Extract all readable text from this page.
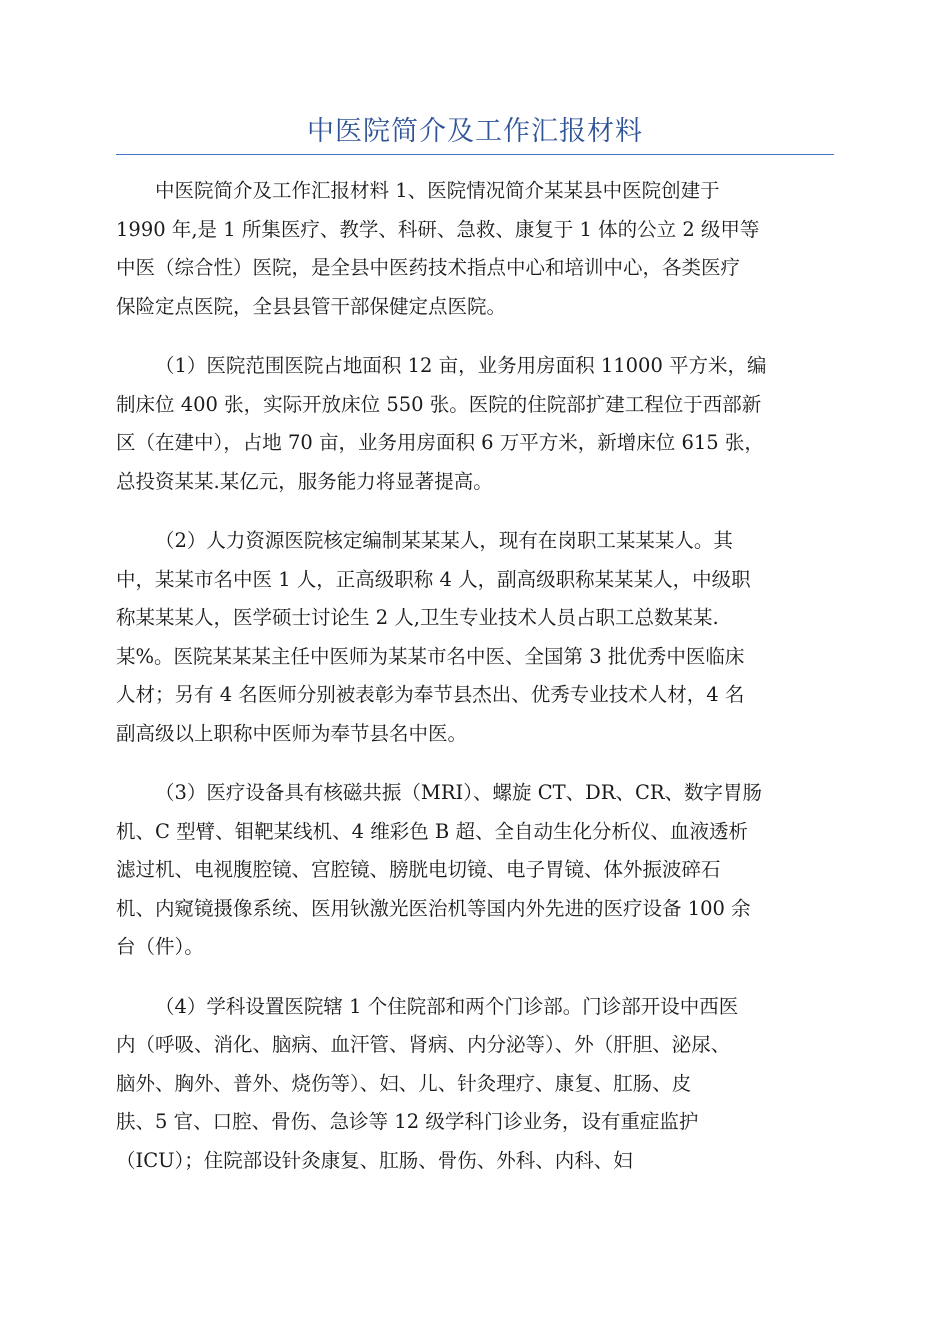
中医院简介及工作汇报材料

中医院简介及工作汇报材料 1、医院情况简介某某县中医院创建于
1990 年,是 1 所集医疗、教学、科研、急救、康复于 1 体的公立 2 级甲等
中医（综合性）医院，是全县中医药技术指点中心和培训中心，各类医疗
保险定点医院，全县县管干部保健定点医院。

（1）医院范围医院占地面积 12 亩，业务用房面积 11000 平方米，编
制床位 400 张，实际开放床位 550 张。医院的住院部扩建工程位于西部新
区（在建中），占地 70 亩，业务用房面积 6 万平方米，新增床位 615 张，
总投资某某.某亿元，服务能力将显著提高。

（2）人力资源医院核定编制某某某人，现有在岗职工某某某人。其
中，某某市名中医 1 人，正高级职称 4 人，副高级职称某某某人，中级职
称某某某人，医学硕士讨论生 2 人,卫生专业技术人员占职工总数某某.
某%。医院某某某主任中医师为某某市名中医、全国第 3 批优秀中医临床
人材；另有 4 名医师分别被表彰为奉节县杰出、优秀专业技术人材，4 名
副高级以上职称中医师为奉节县名中医。

（3）医疗设备具有核磁共振（MRI）、螺旋 CT、DR、CR、数字胃肠
机、C 型臂、钼靶某线机、4 维彩色 B 超、全自动生化分析仪、血液透析
滤过机、电视腹腔镜、宫腔镜、膀胱电切镜、电子胃镜、体外振波碎石
机、内窥镜摄像系统、医用钬激光医治机等国内外先进的医疗设备 100 余
台（件）。

（4）学科设置医院辖 1 个住院部和两个门诊部。门诊部开设中西医
内（呼吸、消化、脑病、血汗管、肾病、内分泌等）、外（肝胆、泌尿、
脑外、胸外、普外、烧伤等）、妇、儿、针灸理疗、康复、肛肠、皮
肤、5 官、口腔、骨伤、急诊等 12 级学科门诊业务，设有重症监护
（ICU）；住院部设针灸康复、肛肠、骨伤、外科、内科、妇
